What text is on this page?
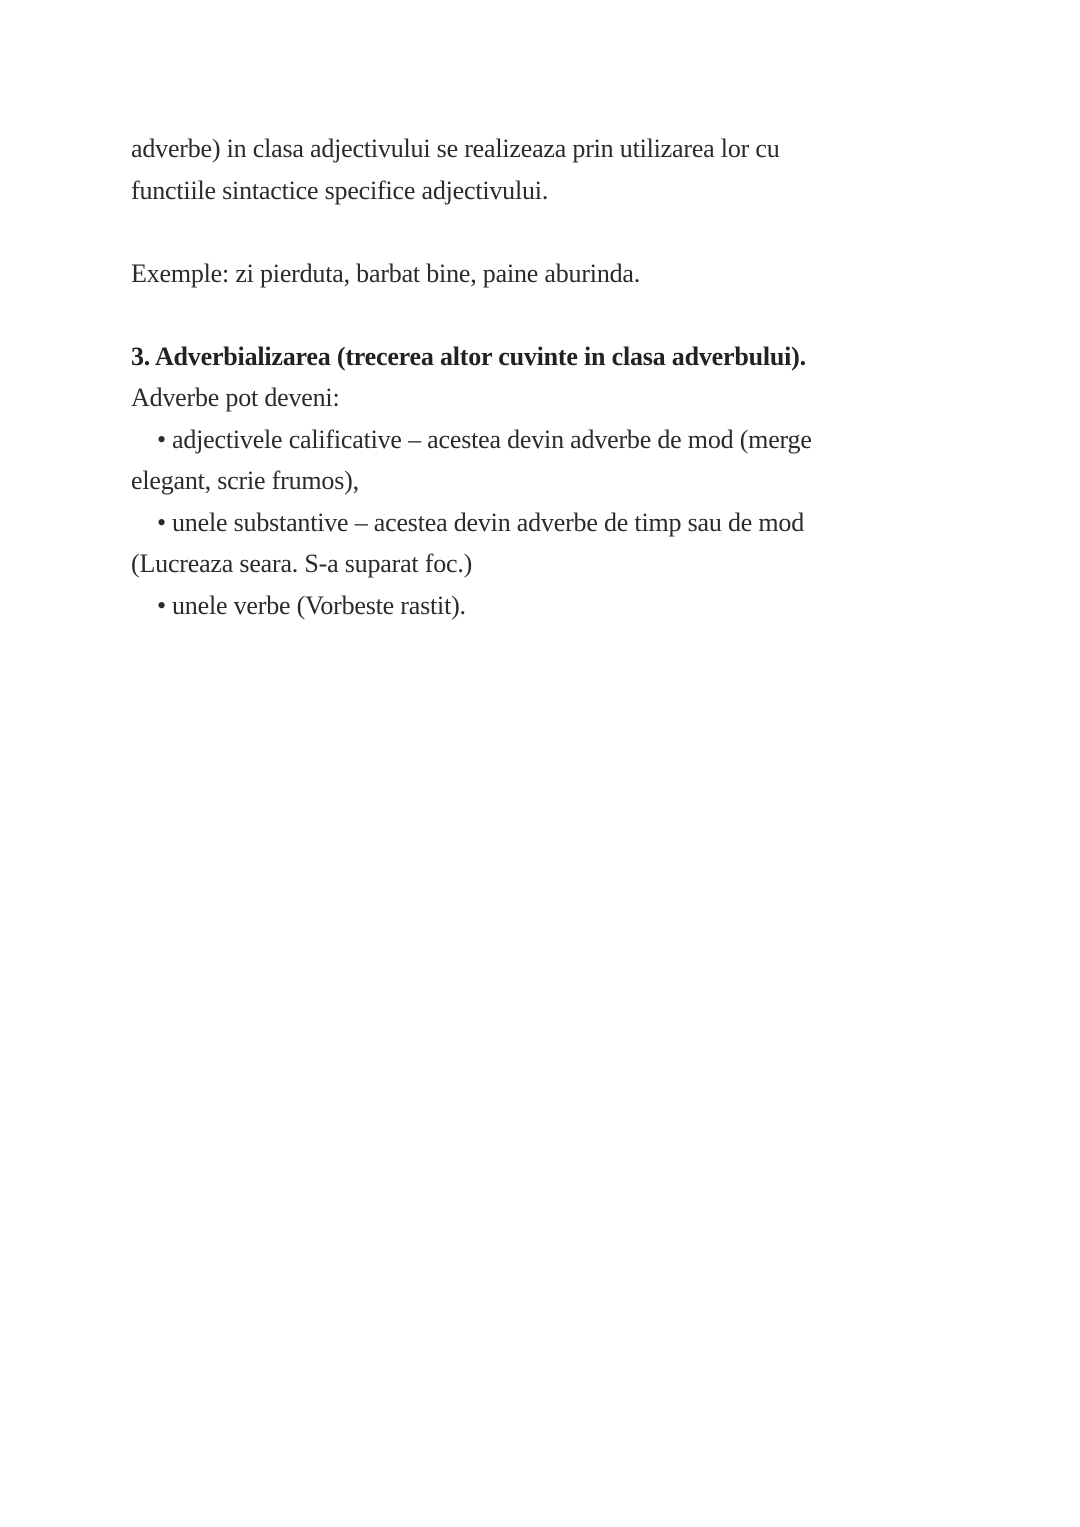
adverbe) in clasa adjectivului se realizeaza prin utilizarea lor cu
functiile sintactice specifice adjectivului.
Exemple: zi pierduta, barbat bine, paine aburinda.
3. Adverbializarea (trecerea altor cuvinte in clasa adverbului).
Adverbe pot deveni:
• adjectivele calificative – acestea devin adverbe de mod (merge
elegant, scrie frumos),
• unele substantive – acestea devin adverbe de timp sau de mod
(Lucreaza seara. S-a suparat foc.)
• unele verbe (Vorbeste rastit).
